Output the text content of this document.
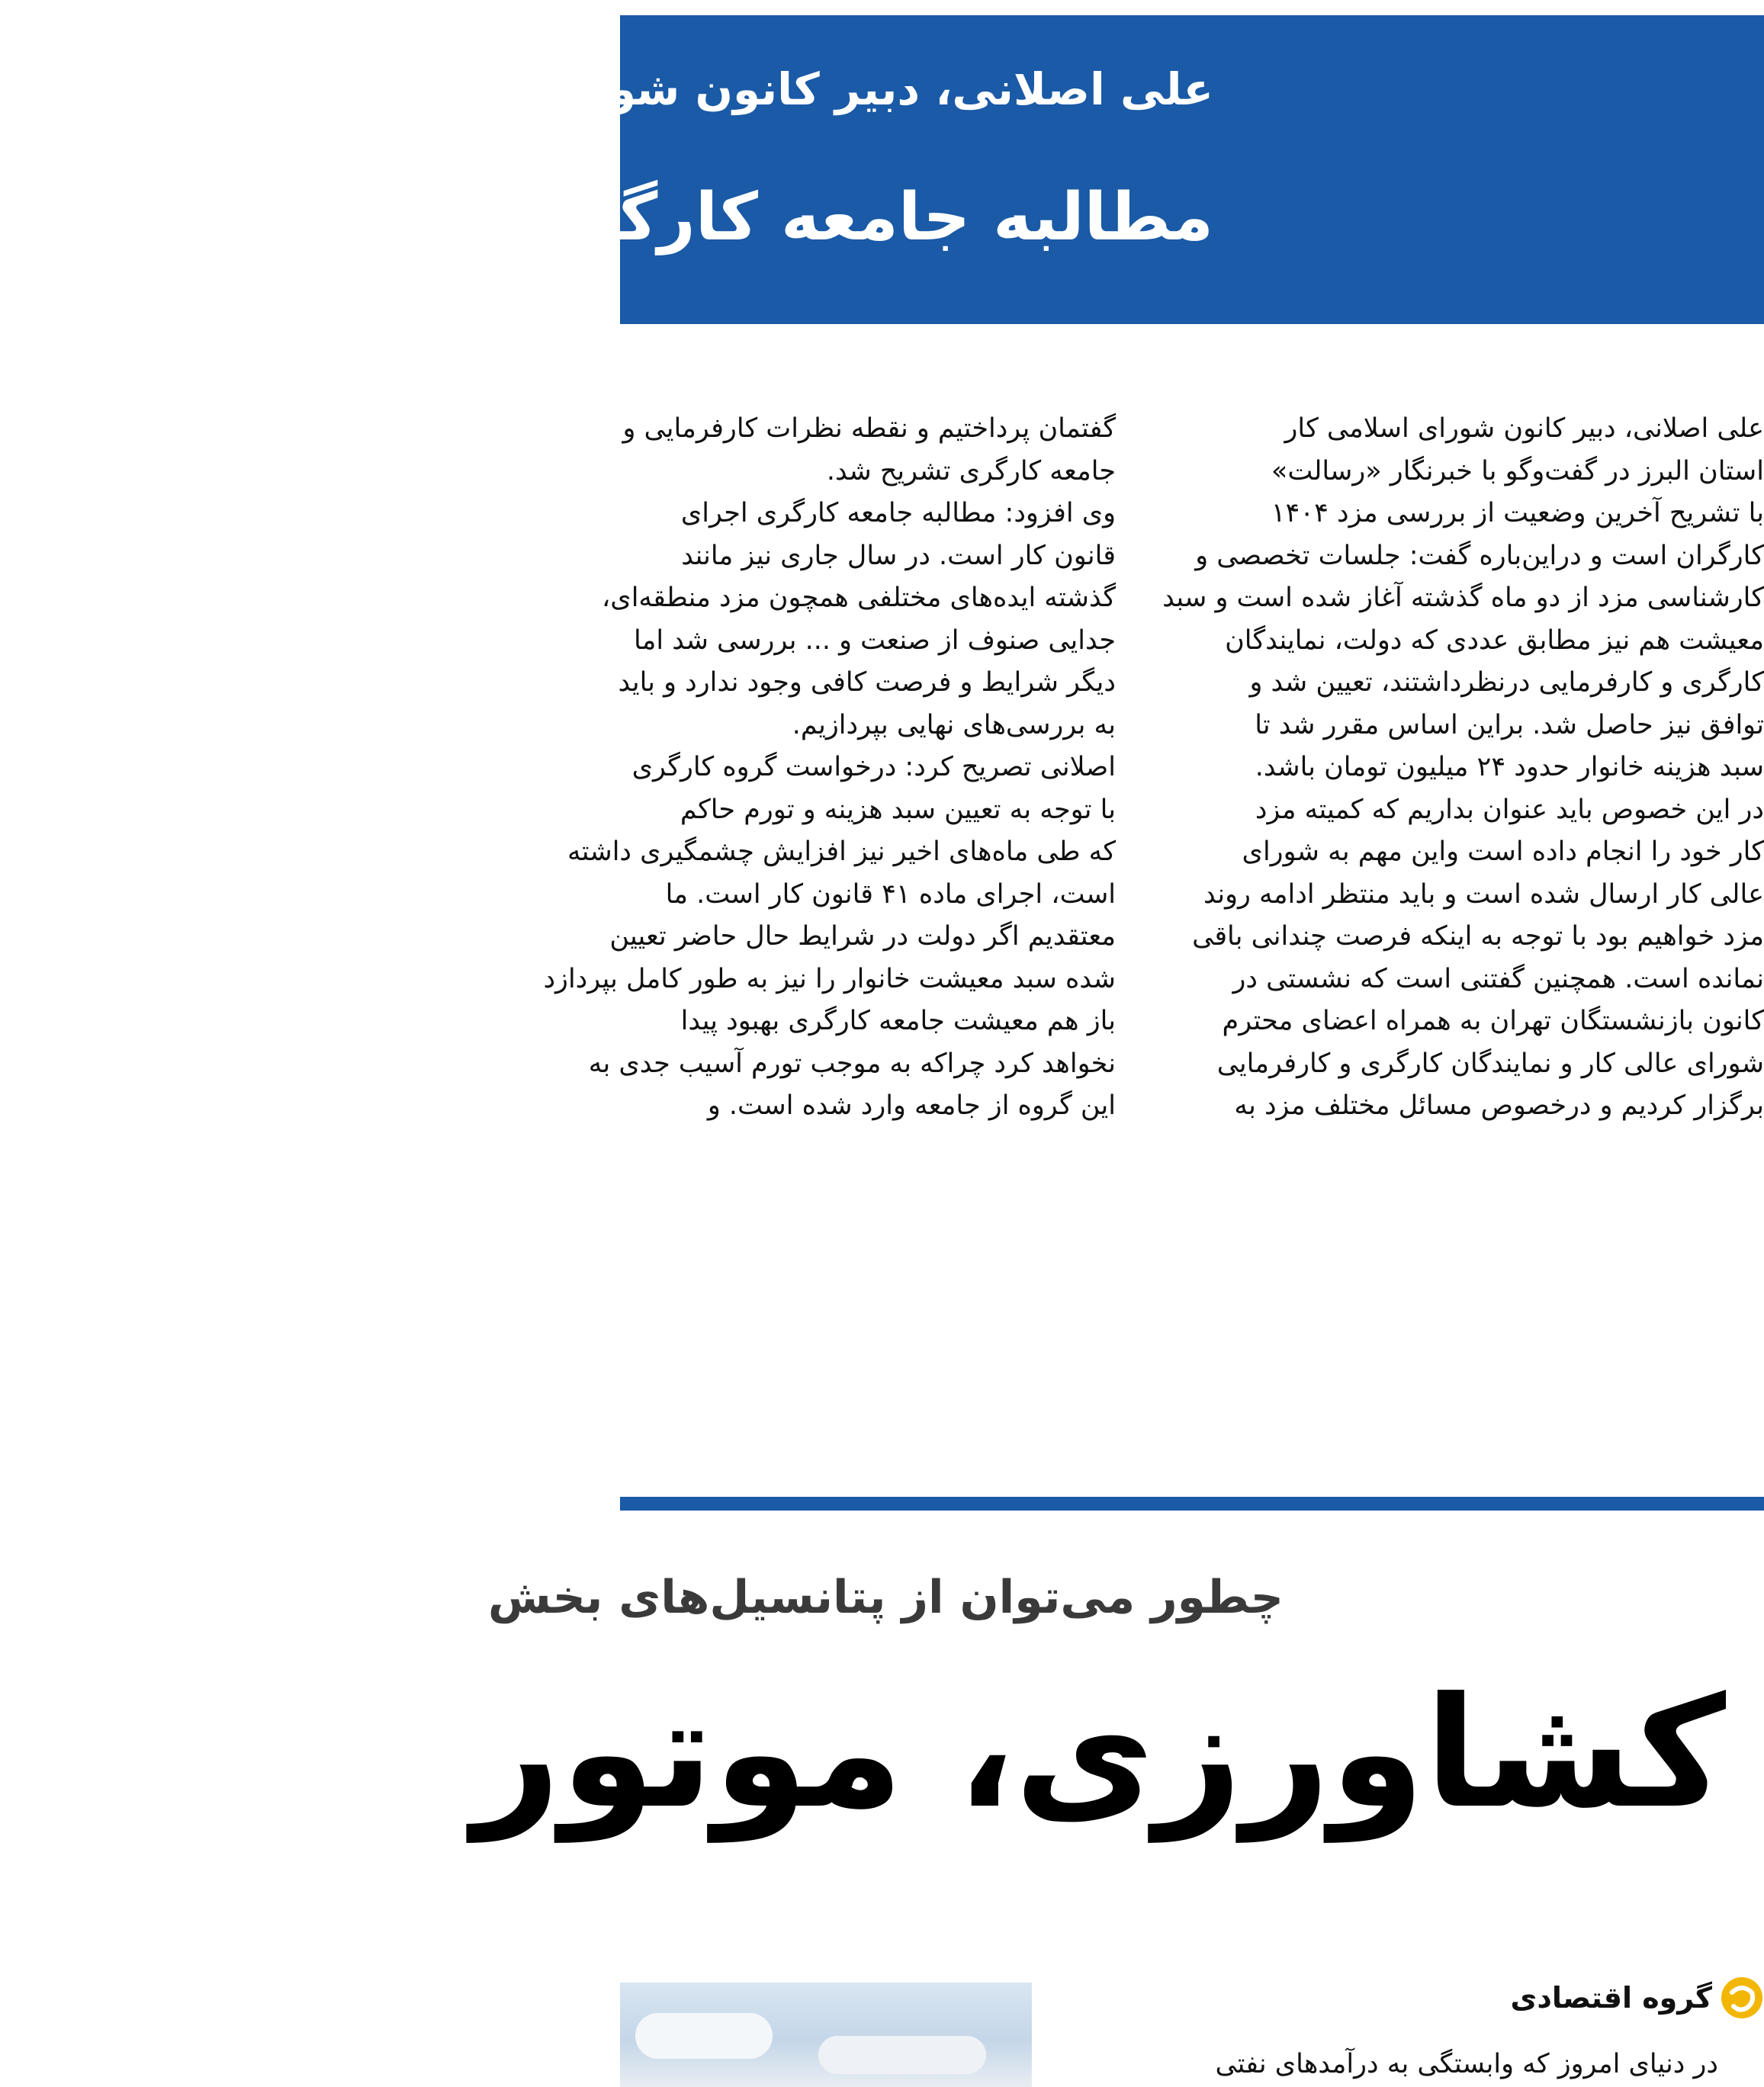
علی اصلانی، دبیر کانون شورای اسلامی کار استان البرز
مطالبه جامعه کارگری
علی اصلانی، دبیر کانون شورای اسلامی کار
استان البرز در گفت‌وگو با خبرنگار «رسالت»
با تشریح آخرین وضعیت از بررسی مزد ۱۴۰۴
کارگران است و دراین‌باره گفت: جلسات تخصصی و
کارشناسی مزد از دو ماه گذشته آغاز شده است و سبد
معیشت هم نیز مطابق عددی که دولت، نمایندگان
کارگری و کارفرمایی درنظرداشتند، تعیین شد و
توافق نیز حاصل شد. براین اساس مقرر شد تا
سبد هزینه خانوار حدود ۲۴ میلیون تومان باشد.
در این خصوص باید عنوان بداریم که کمیته مزد
کار خود را انجام داده است واین مهم به شورای
عالی کار ارسال شده است و باید منتظر ادامه روند
مزد خواهیم بود با توجه به اینکه فرصت چندانی باقی
نمانده است. همچنین گفتنی است که نشستی در
کانون بازنشستگان تهران به همراه اعضای محترم
شورای عالی کار و نمایندگان کارگری و کارفرمایی
برگزار کردیم و درخصوص مسائل مختلف مزد به
گفتمان پرداختیم و نقطه نظرات کارفرمایی و
جامعه کارگری تشریح شد.
وی افزود: مطالبه جامعه کارگری اجرای
قانون کار است. در سال جاری نیز مانند
گذشته ایده‌های مختلفی همچون مزد منطقه‌ای،
جدایی صنوف از صنعت و ... بررسی شد اما
دیگر شرایط و فرصت کافی وجود ندارد و باید
به بررسی‌های نهایی بپردازیم.
اصلانی تصریح کرد: درخواست گروه کارگری
با توجه به تعیین سبد هزینه و تورم حاکم
که طی ماه‌های اخیر نیز افزایش چشمگیری داشته
است، اجرای ماده ۴۱ قانون کار است. ما
معتقدیم اگر دولت در شرایط حال حاضر تعیین
شده سبد معیشت خانوار را نیز به طور کامل بپردازد
باز هم معیشت جامعه کارگری بهبود پیدا
نخواهد کرد چراکه به موجب تورم آسیب جدی به
این گروه از جامعه وارد شده است. و
چطور می‌توان از پتانسیل‌های بخش
کشاورزی، موتور
گروه اقتصادی
در دنیای امروز که وابستگی به درآمدهای نفتی
